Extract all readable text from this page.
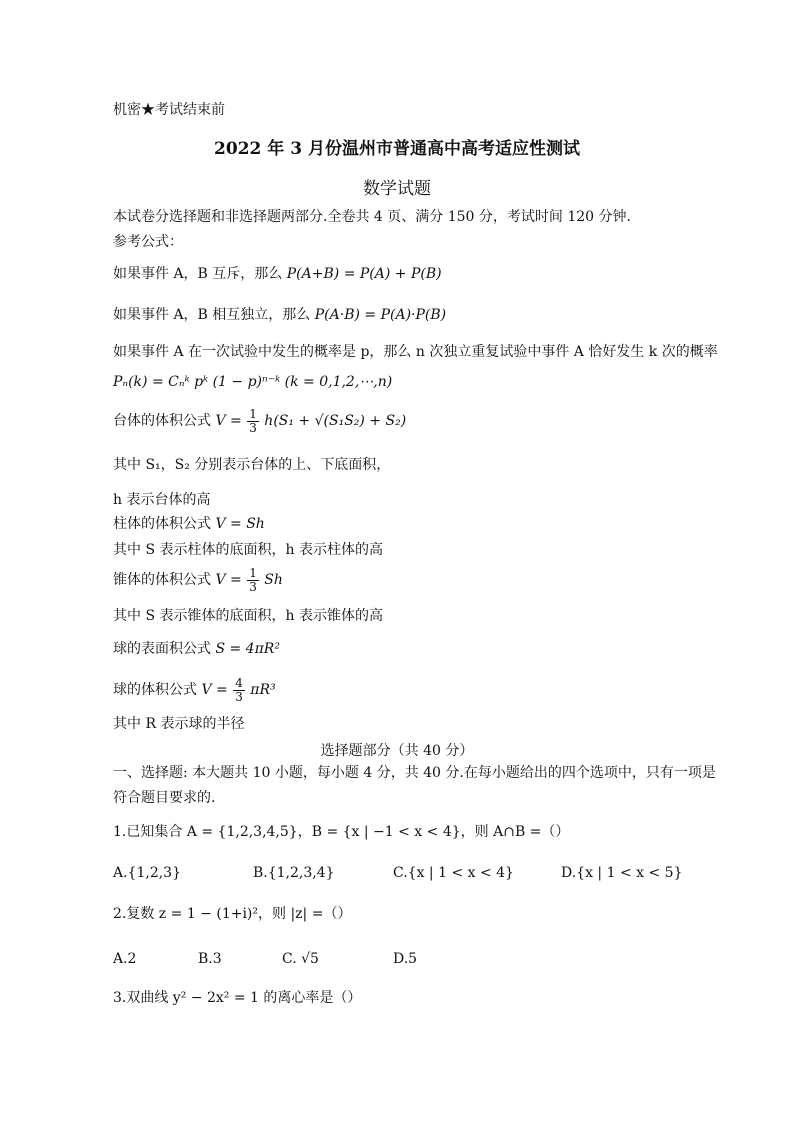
机密★考试结束前
2022 年 3 月份温州市普通高中高考适应性测试
数学试题
本试卷分选择题和非选择题两部分.全卷共 4 页、满分 150 分，考试时间 120 分钟.
参考公式：
如果事件 A，B 互斥，那么 P(A+B) = P(A) + P(B)
如果事件 A，B 相互独立，那么 P(A·B) = P(A)·P(B)
如果事件 A 在一次试验中发生的概率是 p，那么 n 次独立重复试验中事件 A 恰好发生 k 次的概率
Pₙ(k) = Cₙᵏ pᵏ (1 − p)ⁿ⁻ᵏ (k = 0,1,2,⋯,n)
台体的体积公式 $V = \frac{1}{3} h(S_1 + √(S_1S_2) + S_2)$
其中 S₁，S₂ 分别表示台体的上、下底面积，
h 表示台体的高
柱体的体积公式 V = Sh
其中 S 表示柱体的底面积，h 表示柱体的高
锥体的体积公式 $V = \frac{1}{3}$ Sh
其中 S 表示锥体的底面积，h 表示锥体的高
球的表面积公式 S = 4πR²
球的体积公式 $V = \frac{4}{3} \pi R^3$
其中 R 表示球的半径
选择题部分（共 40 分）
一、选择题: 本大题共 10 小题，每小题 4 分，共 40 分.在每小题给出的四个选项中，只有一项是
符合题目要求的.
1.已知集合 A = {1,2,3,4,5}，B = {x | −1 < x < 4}，则 A∩B =（）
A.{1,2,3}	B.{1,2,3,4}	C.{x | 1 < x < 4}	D.{x | 1 < x < 5}
2.复数 z = 1 − (1+i)²，则 |z| =（）
A.2	B.3	C. √5	D.5
3.双曲线 y² − 2x² = 1 的离心率是（）
